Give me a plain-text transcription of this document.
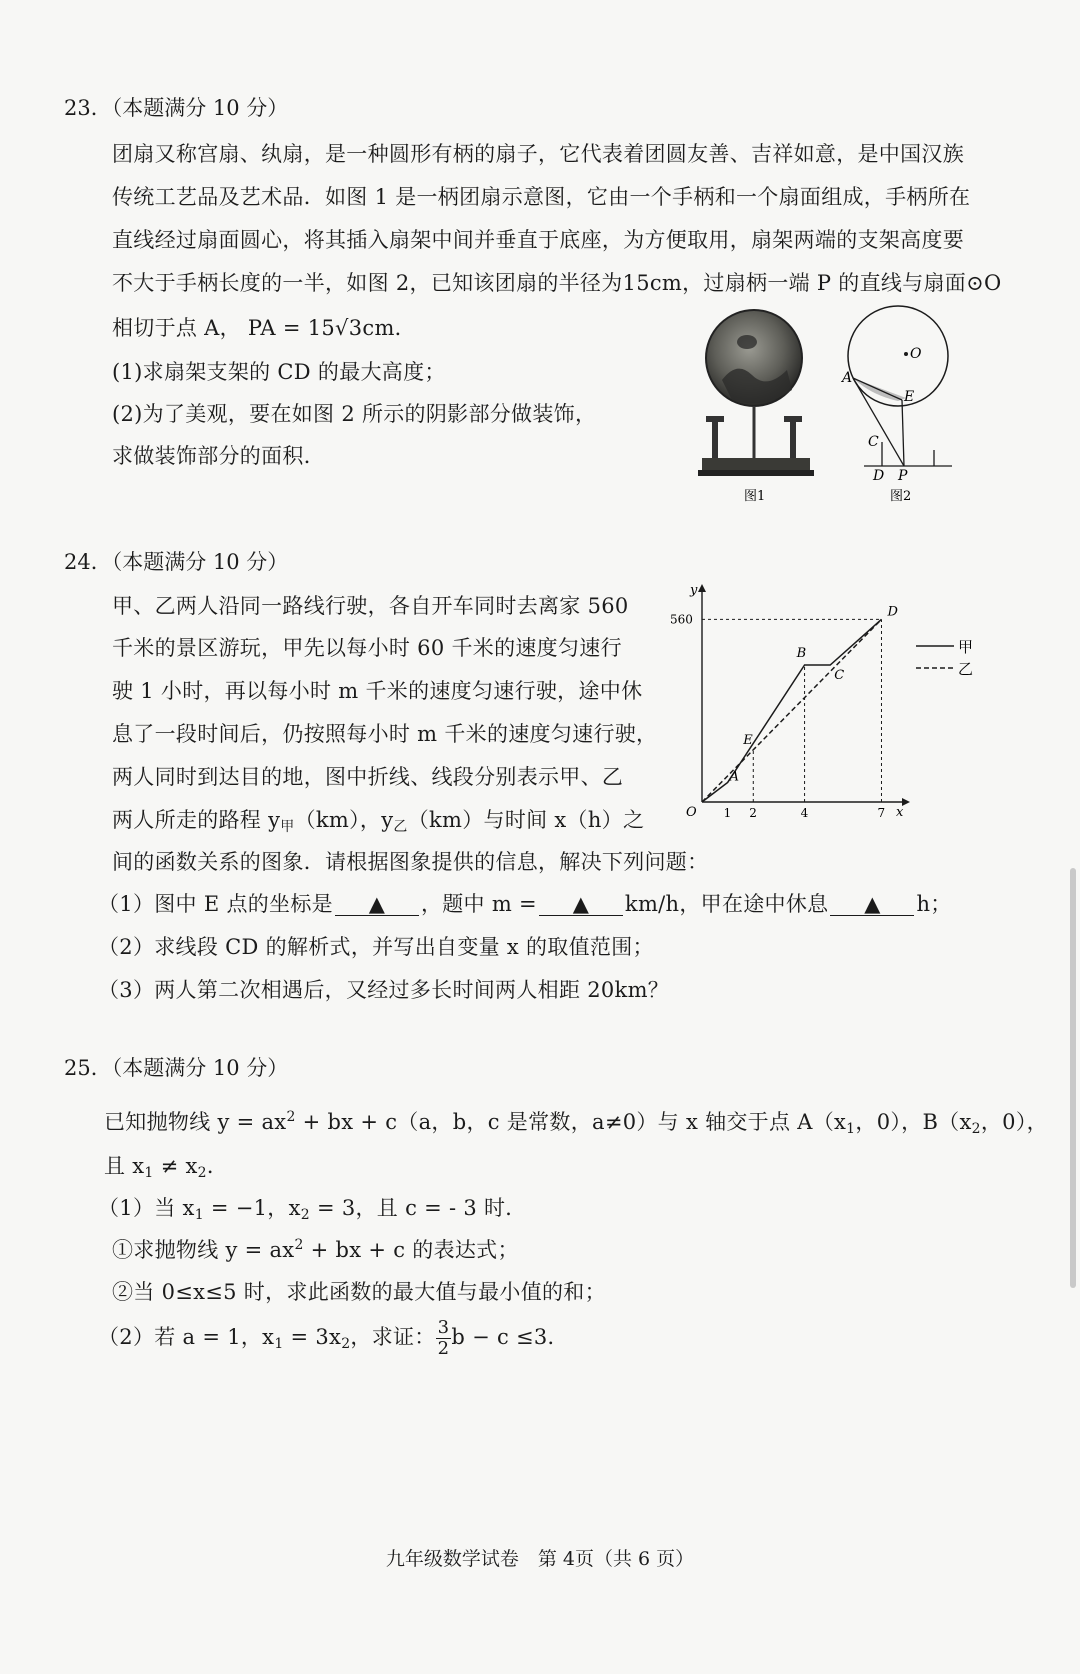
23．（本题满分 10 分）
团扇又称宫扇、纨扇，是一种圆形有柄的扇子，它代表着团圆友善、吉祥如意，是中国汉族
传统工艺品及艺术品．如图 1 是一柄团扇示意图，它由一个手柄和一个扇面组成，手柄所在
直线经过扇面圆心，将其插入扇架中间并垂直于底座，为方便取用，扇架两端的支架高度要
不大于手柄长度的一半，如图 2，已知该团扇的半径为15cm，过扇柄一端 P 的直线与扇面⊙O
相切于点 A， PA = 15√3cm．
(1)求扇架支架的 CD 的最大高度；
(2)为了美观，要在如图 2 所示的阴影部分做装饰，
求做装饰部分的面积．
图1
O
A
E
C
D P
图2
24．（本题满分 10 分）
甲、乙两人沿同一路线行驶，各自开车同时去离家 560
千米的景区游玩，甲先以每小时 60 千米的速度匀速行
驶 1 小时，再以每小时 m 千米的速度匀速行驶，途中休
息了一段时间后，仍按照每小时 m 千米的速度匀速行驶，
两人同时到达目的地，图中折线、线段分别表示甲、乙
两人所走的路程 $y_甲(km)$，$y_乙(km)$与时间 x（h）之
间的函数关系的图象．请根据图象提供的信息，解决下列问题：
（1）图中 E 点的坐标是 ▲ ，题中 m = ▲ km/h，甲在途中休息 ▲ h；
（2）求线段 CD 的解析式，并写出自变量 x 的取值范围；
（3）两人第二次相遇后，又经过多长时间两人相距 20km？
y
x
O 1 2	4	7
560
A
E
B
C
D
甲
乙
25．（本题满分 10 分）
已知抛物线 $y = ax^2$ + bx + c（a，b，c 是常数，a≠0）与 x 轴交于点 $A(x_1$，0），$B(x_2$，0），
且 $x_1 \ne x_2$．
（1）当 $x_1 = -1$，$x_2 = 3$，且 c = - 3 时．
①求抛物线 $y = ax^2$ + bx + c 的表达式；
②当 0≤x≤5 时，求此函数的最大值与最小值的和；
（2）若 a = 1，$x_1 = 3x_2$，求证： $\frac{3}{2}$ b − c ≤3．
九年级数学试卷　第 4页（共 6 页）
